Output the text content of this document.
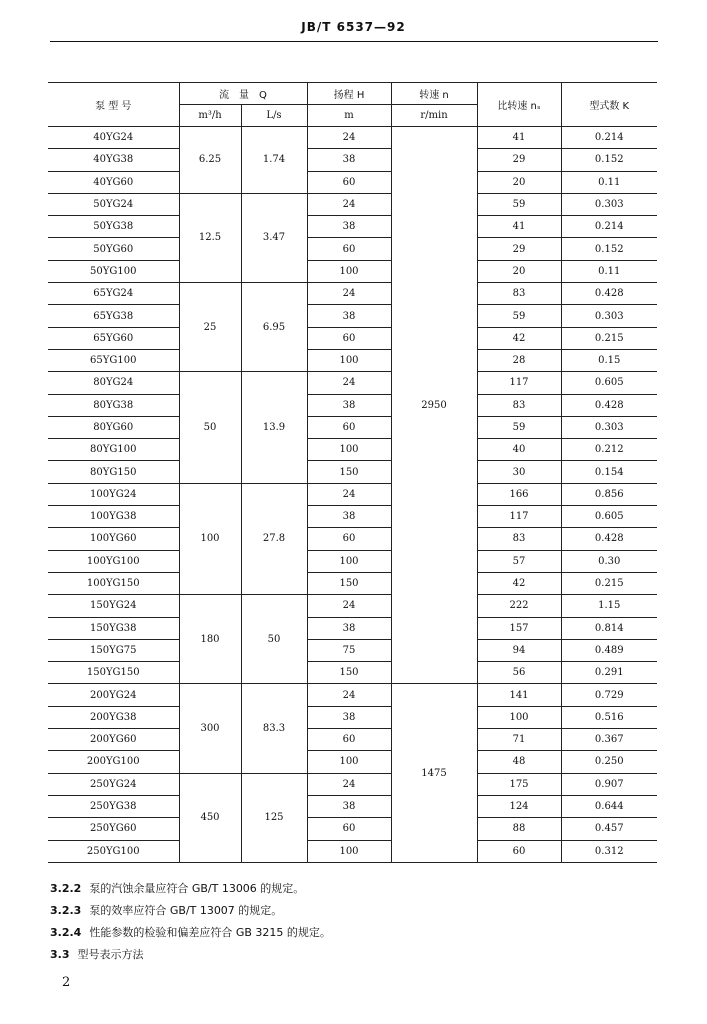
JB/T 6537—92
泵 型 号	流　量　Q		扬程 H	转速 n	比转速 nₛ	型式数 K
	m³/h	L/s	m	r/min		
40YG24	6.25	1.74	24	2950	41	0.214
40YG38			38		29	0.152
40YG60			60		20	0.11
50YG24	12.5	3.47	24		59	0.303
50YG38			38		41	0.214
50YG60			60		29	0.152
50YG100			100		20	0.11
65YG24	25	6.95	24		83	0.428
65YG38			38		59	0.303
65YG60			60		42	0.215
65YG100			100		28	0.15
80YG24	50	13.9	24		117	0.605
80YG38			38		83	0.428
80YG60			60		59	0.303
80YG100			100		40	0.212
80YG150			150		30	0.154
100YG24	100	27.8	24		166	0.856
100YG38			38		117	0.605
100YG60			60		83	0.428
100YG100			100		57	0.30
100YG150			150		42	0.215
150YG24	180	50	24		222	1.15
150YG38			38		157	0.814
150YG75			75		94	0.489
150YG150			150		56	0.291
200YG24	300	83.3	24	1475	141	0.729
200YG38			38		100	0.516
200YG60			60		71	0.367
200YG100			100		48	0.250
250YG24	450	125	24		175	0.907
250YG38			38		124	0.644
250YG60			60		88	0.457
250YG100			100		60	0.312
3.2.2 泵的汽蚀余量应符合 GB/T 13006 的规定。
3.2.3 泵的效率应符合 GB/T 13007 的规定。
3.2.4 性能参数的检验和偏差应符合 GB 3215 的规定。
3.3 型号表示方法
2
